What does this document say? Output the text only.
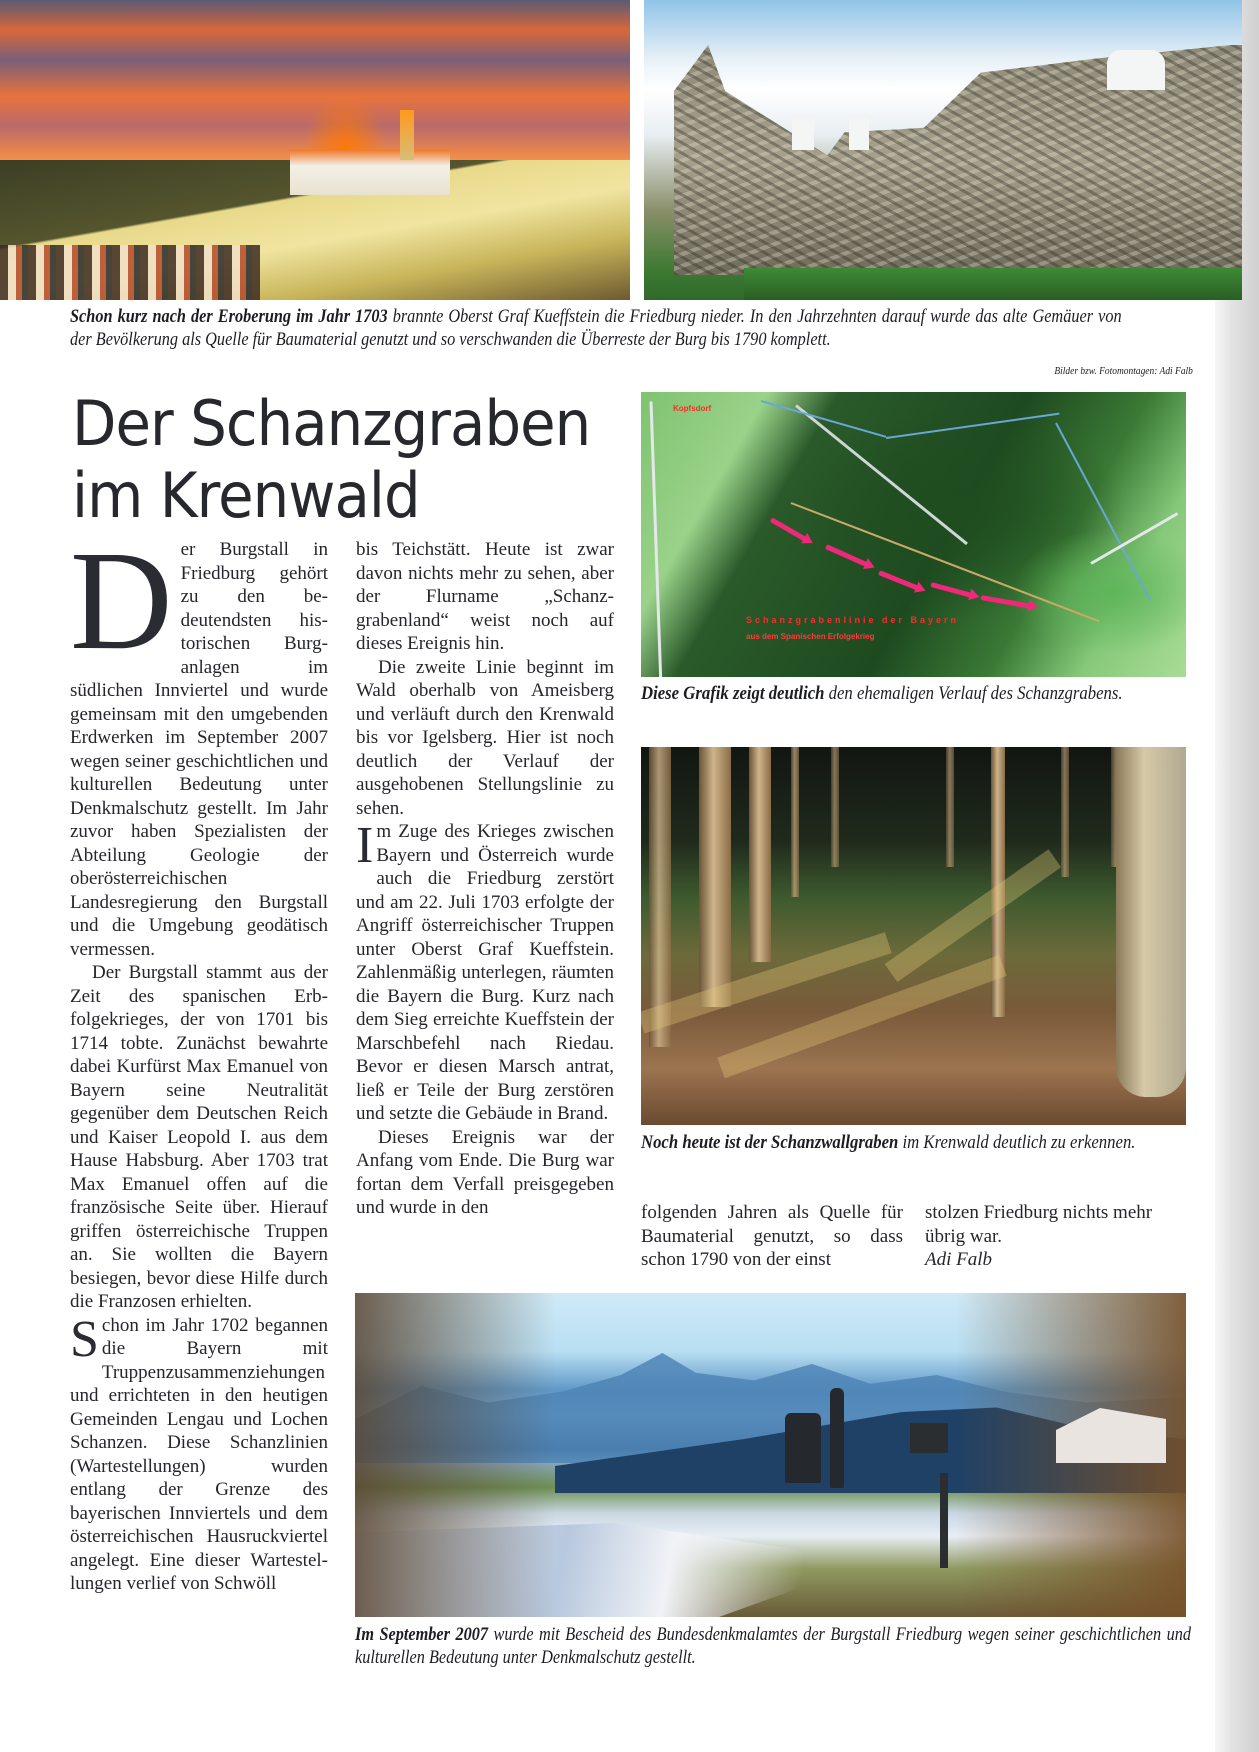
Schon kurz nach der Eroberung im Jahr 1703 brannte Oberst Graf Kueffstein die Friedburg nieder. In den Jahrzehnten darauf wurde das alte Gemäuer von der Bevölkerung als Quelle für Baumaterial genutzt und so verschwanden die Überreste der Burg bis 1790 komplett.
Bilder bzw. Fotomontagen: Adi Falb
Der Schanzgraben
im Krenwald

Der Burgstall in Friedburg gehört zu den bedeutendsten historischen Burganlagen im südlichen Innviertel und wurde gemeinsam mit den umgebenden Erdwerken im September 2007 wegen seiner geschichtlichen und kulturellen Bedeutung unter Denkmalschutz gestellt. Im Jahr zuvor haben Spezialisten der Abteilung Geologie der oberösterreichischen Landesregierung den Burgstall und die Umgebung geodätisch vermessen.

Der Burgstall stammt aus der Zeit des spanischen Erbfolgekrieges, der von 1701 bis 1714 tobte. Zunächst bewahrte dabei Kurfürst Max Emanuel von Bayern seine Neutralität gegenüber dem Deutschen Reich und Kaiser Leopold I. aus dem Hause Habsburg. Aber 1703 trat Max Emanuel offen auf die französische Seite über. Hierauf griffen österreichische Truppen an. Sie wollten die Bayern besiegen, bevor diese Hilfe durch die Franzosen erhielten.

Schon im Jahr 1702 begannen die Bayern mit Truppenzusammenziehungen und errichteten in den heutigen Gemeinden Lengau und Lochen Schanzen. Diese Schanzlinien (Wartestellungen) wurden entlang der Grenze des bayerischen Innviertels und dem österreichischen Hausruckviertel angelegt. Eine dieser Wartestellungen verlief von Schwöll

bis Teichstätt. Heute ist zwar davon nichts mehr zu sehen, aber der Flurname „Schanzgrabenland“ weist noch auf dieses Ereignis hin.

Die zweite Linie beginnt im Wald oberhalb von Ameisberg und verläuft durch den Krenwald bis vor Igelsberg. Hier ist noch deutlich der Verlauf der ausgehobenen Stellungslinie zu sehen.

Im Zuge des Krieges zwischen Bayern und Österreich wurde auch die Friedburg zerstört und am 22. Juli 1703 erfolgte der Angriff österreichischer Truppen unter Oberst Graf Kueffstein. Zahlenmäßig unterlegen, räumten die Bayern die Burg. Kurz nach dem Sieg erreichte Kueffstein der Marschbefehl nach Riedau. Bevor er diesen Marsch antrat, ließ er Teile der Burg zerstören und setzte die Gebäude in Brand.

Dieses Ereignis war der Anfang vom Ende. Die Burg war fortan dem Verfall preisgegeben und wurde in den

Kopfsdorf
Schanzgrabenlinie der Bayern
aus dem Spanischen Erfolgekrieg
Diese Grafik zeigt deutlich den ehemaligen Verlauf des Schanzgrabens.
Noch heute ist der Schanzwallgraben im Krenwald deutlich zu erkennen.

folgenden Jahren als Quelle für Baumaterial genutzt, so dass schon 1790 von der einst

stolzen Friedburg nichts mehr übrig war.

Adi Falb

Im September 2007 wurde mit Bescheid des Bundesdenkmalamtes der Burgstall Friedburg wegen seiner geschichtlichen und kulturellen Bedeutung unter Denkmalschutz gestellt.
